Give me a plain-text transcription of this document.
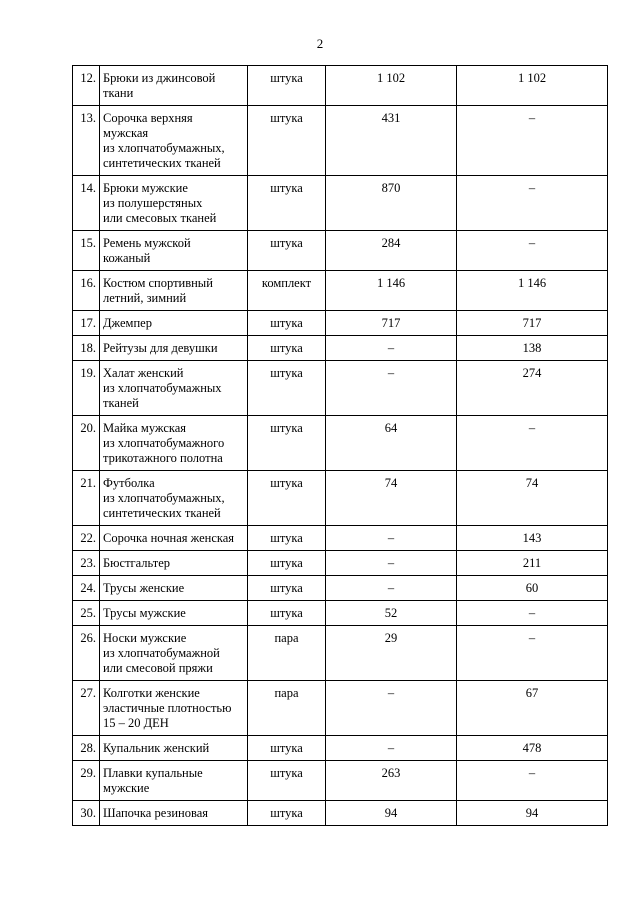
2
12.	Брюки из джинсовой
ткани	штука	1 102	1 102
13.	Сорочка верхняя
мужская
из хлопчатобумажных,
синтетических тканей	штука	431	–
14.	Брюки мужские
из полушерстяных
или смесовых тканей	штука	870	–
15.	Ремень мужской
кожаный	штука	284	–
16.	Костюм спортивный
летний, зимний	комплект	1 146	1 146
17.	Джемпер	штука	717	717
18.	Рейтузы для девушки	штука	–	138
19.	Халат женский
из хлопчатобумажных
тканей	штука	–	274
20.	Майка мужская
из хлопчатобумажного
трикотажного полотна	штука	64	–
21.	Футболка
из хлопчатобумажных,
синтетических тканей	штука	74	74
22.	Сорочка ночная женская	штука	–	143
23.	Бюстгальтер	штука	–	211
24.	Трусы женские	штука	–	60
25.	Трусы мужские	штука	52	–
26.	Носки мужские
из хлопчатобумажной
или смесовой пряжи	пара	29	–
27.	Колготки женские
эластичные плотностью
15 – 20 ДЕН	пара	–	67
28.	Купальник женский	штука	–	478
29.	Плавки купальные
мужские	штука	263	–
30.	Шапочка резиновая	штука	94	94
